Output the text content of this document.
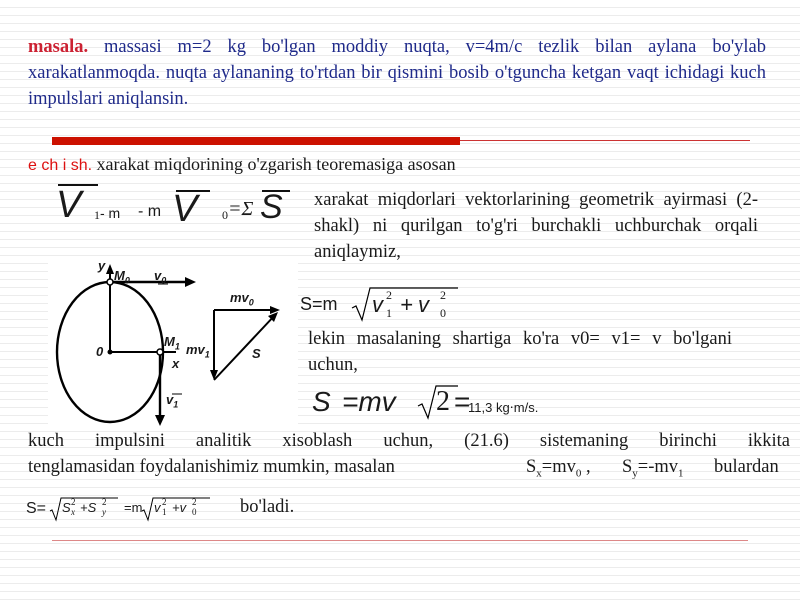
masala. massasi m=2 kg bo'lgan moddiy nuqta, v=4m/c tezlik bilan aylana bo'ylab xarakatlanmoqda. nuqta aylananing to'rtdan bir qismini bosib o'tguncha ketgan vaqt ichidagi kuch impulslari aniqlansin.
e ch i sh. xarakat miqdorining o'zgarish teoremasiga asosan
V 1 - m - m V 0 =Σ S xarakat miqdorlari vektorlarining geometrik ayirmasi (2-shakl) ni qurilgan to'g'ri burchakli uchburchak orqali aniqlaymiz,
y
$M_0$ $v_0$
0
$M_1$
x
$v_1$
$mv_0$
$mv_1$	S
S=m v 2
1 + v 2
0
lekin masalaning shartiga ko'ra v0= v1= v bo'lgani uchun,
S =mv 2 =
11,3 kg⋅m/s.
kuch impulsini analitik xisoblash uchun, (21.6) sistemaning birinchi ikkita
tenglamasidan foydalanishimiz mumkin, masalan	$S_x=mv_0$ , $S_y=-mv_1$ bulardan
S= S 2
x +S 2
y =m v 2
1 +v 2
0 bo'ladi.
